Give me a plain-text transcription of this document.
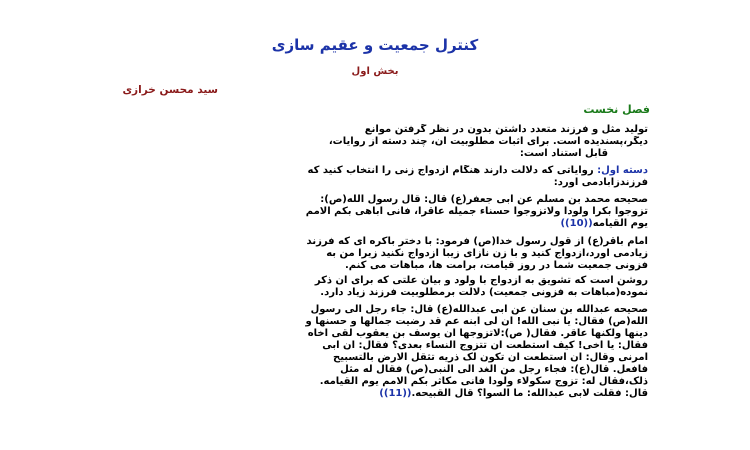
کنترل جمعیت و عقیم سازی
بخش اول
سید محسن خرازی
فصل نخست
تولید مثل و فرزند متعدد داشتن بدون در نظر گرفتن موانع
دیگر،پسندیده است. برای اثبات مطلوبیت آن، چند دسته از روایات،
قابل استناد است:
دسته اول: روایاتی که دلالت دارند هنگام ازدواج زنی را انتخاب کنید که
فرزندزابادمی آورد:
صحیحه محمد بن مسلم عن ابی جعفر(ع) قال: قال رسول الله(ص):
تزوجوا بکرا ولودا ولاتزوجوا حسناء جمیله عاقرا، فانی اباهی بکم الامم
یوم القیامه((10))
امام باقر(ع) از قول رسول خدا(ص) فرمود: با دختر باکره ای که فرزند
زیادمی آورد،ازدواج کنید و با زن نازای زیبا ازدواج نکنید زیرا من به
فزونی جمعیت شما در روز قیامت، برامت ها، مباهات می کنم.
روشن است که تشویق به ازدواج با ولود و بیان علتی که برای آن ذکر
نموده(مباهات به فزونی جمعیت) دلالت برمطلوبیت فرزند زیاد دارد.
صحیحه عبدالله بن سنان عن ابی عبدالله(ع) قال: جاء رجل الی رسول
الله(ص) فقال: یا نبی الله! ان لی ابنه عم قد رضیت جمالها و حسنها و
دینها ولکنها عاقر. فقال( ص):لاتزوجها ان یوسف بن یعقوب لقی اخاه
فقال: یا اخی! کیف استطعت ان تتزوج النساء بعدی؟ فقال: ان ابی
امرنی وقال: ان استطعت ان تکون لک ذریه تثقل الارض بالتسبیح
فافعل. قال(ع): فجاء رجل من الغد الی النبی(ص) فقال له مثل
ذلک،فقال له: تزوج سکولاء ولودا فانی مکاثر بکم الامم یوم القیامه.
قال: فقلت لابی عبدالله: ما السوأ؟ قال القبیحه.((11))
